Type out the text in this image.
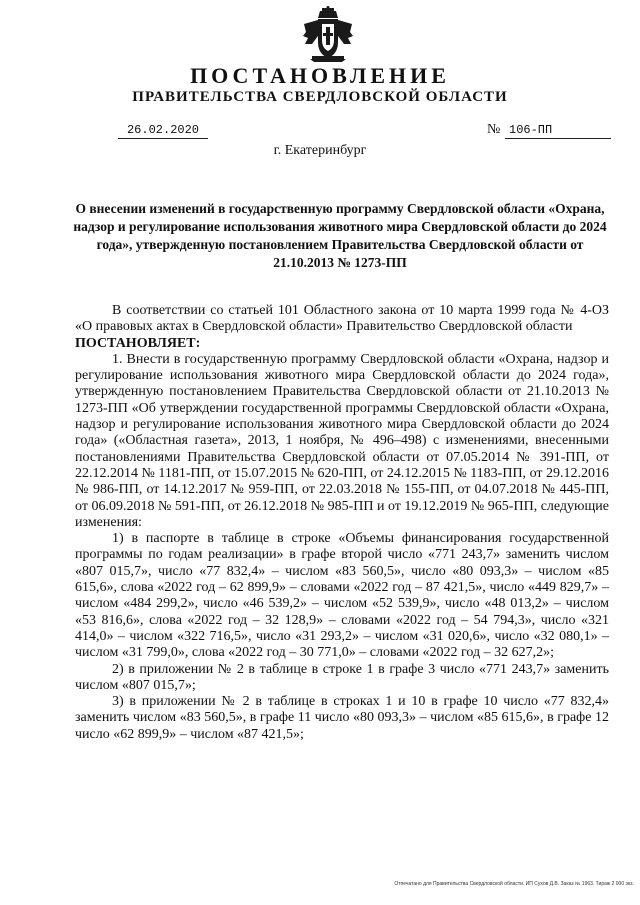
ПОСТАНОВЛЕНИЕ
ПРАВИТЕЛЬСТВА СВЕРДЛОВСКОЙ ОБЛАСТИ
26.02.2020	№ 106-ПП
г. Екатеринбург
О внесении изменений в государственную программу Свердловской области «Охрана, надзор и регулирование использования животного мира Свердловской области до 2024 года», утвержденную постановлением Правительства Свердловской области от 21.10.2013 № 1273-ПП

В соответствии со статьей 101 Областного закона от 10 марта 1999 года № 4-ОЗ «О правовых актах в Свердловской области» Правительство Свердловской области

ПОСТАНОВЛЯЕТ:

1. Внести в государственную программу Свердловской области «Охрана, надзор и регулирование использования животного мира Свердловской области до 2024 года», утвержденную постановлением Правительства Свердловской области от 21.10.2013 № 1273-ПП «Об утверждении государственной программы Свердловской области «Охрана, надзор и регулирование использования животного мира Свердловской области до 2024 года» («Областная газета», 2013, 1 ноября, № 496–498) с изменениями, внесенными постановлениями Правительства Свердловской области от 07.05.2014 № 391-ПП, от 22.12.2014 № 1181-ПП, от 15.07.2015 № 620-ПП, от 24.12.2015 № 1183-ПП, от 29.12.2016 № 986-ПП, от 14.12.2017 № 959-ПП, от 22.03.2018 № 155-ПП, от 04.07.2018 № 445-ПП, от 06.09.2018 № 591-ПП, от 26.12.2018 № 985-ПП и от 19.12.2019 № 965-ПП, следующие изменения:

1) в паспорте в таблице в строке «Объемы финансирования государственной программы по годам реализации» в графе второй число «771 243,7» заменить числом «807 015,7», число «77 832,4» – числом «83 560,5», число «80 093,3» – числом «85 615,6», слова «2022 год – 62 899,9» – словами «2022 год – 87 421,5», число «449 829,7» – числом «484 299,2», число «46 539,2» – числом «52 539,9», число «48 013,2» – числом «53 816,6», слова «2022 год – 32 128,9» – словами «2022 год – 54 794,3», число «321 414,0» – числом «322 716,5», число «31 293,2» – числом «31 020,6», число «32 080,1» – числом «31 799,0», слова «2022 год – 30 771,0» – словами «2022 год – 32 627,2»;

2) в приложении № 2 в таблице в строке 1 в графе 3 число «771 243,7» заменить числом «807 015,7»;

3) в приложении № 2 в таблице в строках 1 и 10 в графе 10 число «77 832,4» заменить числом «83 560,5», в графе 11 число «80 093,3» – числом «85 615,6», в графе 12 число «62 899,9» – числом «87 421,5»;

Отпечатано для Правительства Свердловской области. ИП Сухов Д.В. Заказ № 1963. Тираж 2 000 экз.
